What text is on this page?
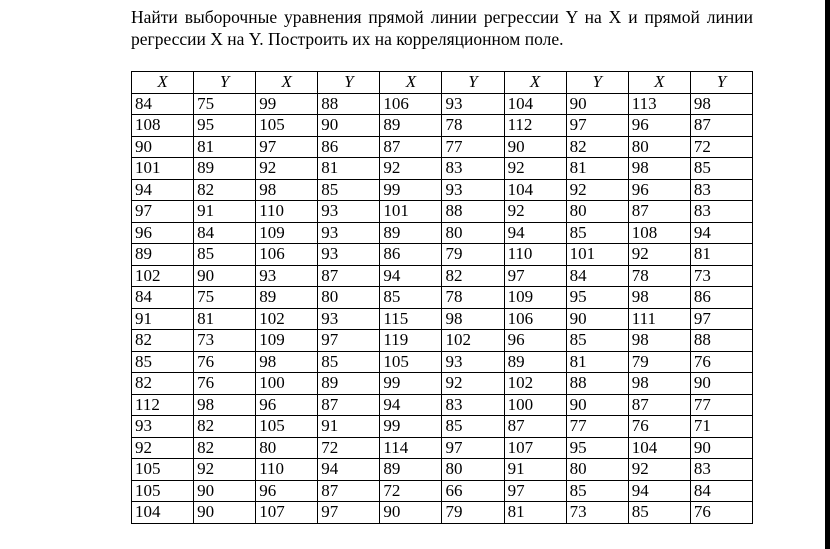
Найти выборочные уравнения прямой линии регрессии Y на X и прямой линии регрессии X на Y. Построить их на корреляционном поле.

X	Y	X	Y	X	Y	X	Y	X	Y
84	75	99	88	106	93	104	90	113	98
108	95	105	90	89	78	112	97	96	87
90	81	97	86	87	77	90	82	80	72
101	89	92	81	92	83	92	81	98	85
94	82	98	85	99	93	104	92	96	83
97	91	110	93	101	88	92	80	87	83
96	84	109	93	89	80	94	85	108	94
89	85	106	93	86	79	110	101	92	81
102	90	93	87	94	82	97	84	78	73
84	75	89	80	85	78	109	95	98	86
91	81	102	93	115	98	106	90	111	97
82	73	109	97	119	102	96	85	98	88
85	76	98	85	105	93	89	81	79	76
82	76	100	89	99	92	102	88	98	90
112	98	96	87	94	83	100	90	87	77
93	82	105	91	99	85	87	77	76	71
92	82	80	72	114	97	107	95	104	90
105	92	110	94	89	80	91	80	92	83
105	90	96	87	72	66	97	85	94	84
104	90	107	97	90	79	81	73	85	76
